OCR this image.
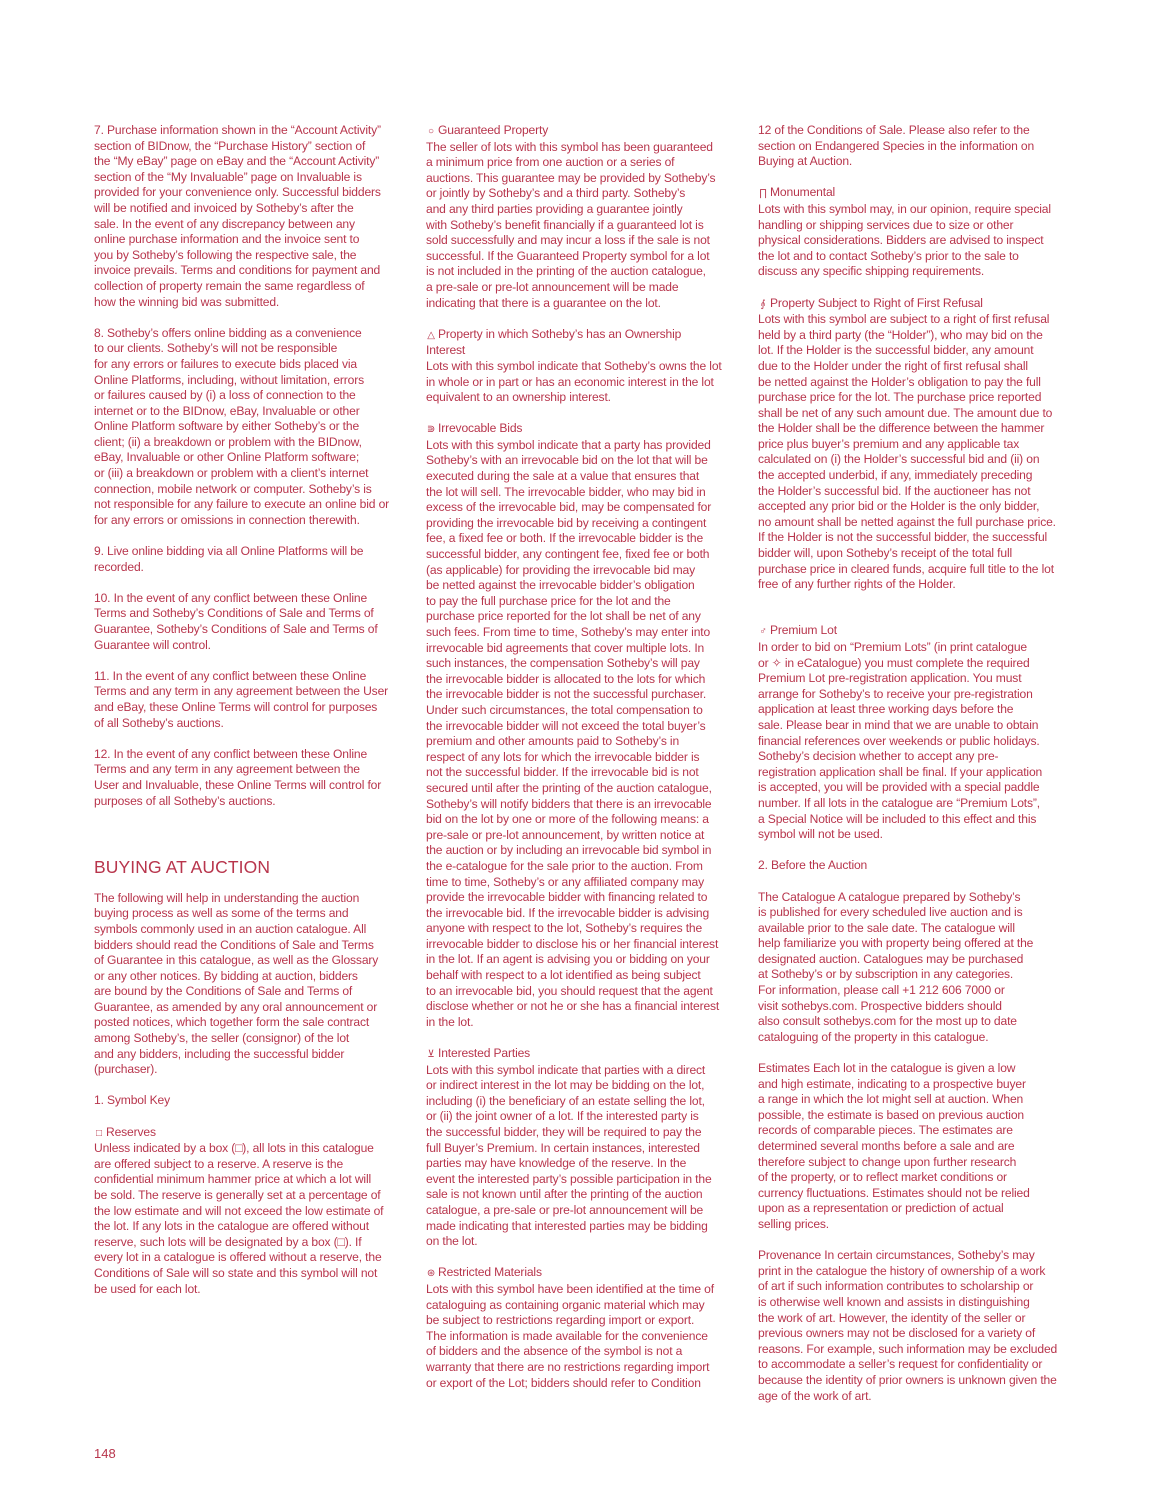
7. Purchase information shown in the “Account Activity”
section of BIDnow, the “Purchase History” section of
the “My eBay” page on eBay and the “Account Activity”
section of the “My Invaluable” page on Invaluable is
provided for your convenience only. Successful bidders
will be notified and invoiced by Sotheby’s after the
sale. In the event of any discrepancy between any
online purchase information and the invoice sent to
you by Sotheby’s following the respective sale, the
invoice prevails. Terms and conditions for payment and
collection of property remain the same regardless of
how the winning bid was submitted.
8. Sotheby’s offers online bidding as a convenience
to our clients. Sotheby’s will not be responsible
for any errors or failures to execute bids placed via
Online Platforms, including, without limitation, errors
or failures caused by (i) a loss of connection to the
internet or to the BIDnow, eBay, Invaluable or other
Online Platform software by either Sotheby’s or the
client; (ii) a breakdown or problem with the BIDnow,
eBay, Invaluable or other Online Platform software;
or (iii) a breakdown or problem with a client’s internet
connection, mobile network or computer. Sotheby’s is
not responsible for any failure to execute an online bid or
for any errors or omissions in connection therewith.
9. Live online bidding via all Online Platforms will be
recorded.
10. In the event of any conflict between these Online
Terms and Sotheby’s Conditions of Sale and Terms of
Guarantee, Sotheby’s Conditions of Sale and Terms of
Guarantee will control.
11. In the event of any conflict between these Online
Terms and any term in any agreement between the User
and eBay, these Online Terms will control for purposes
of all Sotheby’s auctions.
12. In the event of any conflict between these Online
Terms and any term in any agreement between the
User and Invaluable, these Online Terms will control for
purposes of all Sotheby’s auctions.
BUYING AT AUCTION
The following will help in understanding the auction
buying process as well as some of the terms and
symbols commonly used in an auction catalogue. All
bidders should read the Conditions of Sale and Terms
of Guarantee in this catalogue, as well as the Glossary
or any other notices. By bidding at auction, bidders
are bound by the Conditions of Sale and Terms of
Guarantee, as amended by any oral announcement or
posted notices, which together form the sale contract
among Sotheby’s, the seller (consignor) of the lot
and any bidders, including the successful bidder
(purchaser).
1. Symbol Key
□ Reserves
Unless indicated by a box (□), all lots in this catalogue
are offered subject to a reserve. A reserve is the
confidential minimum hammer price at which a lot will
be sold. The reserve is generally set at a percentage of
the low estimate and will not exceed the low estimate of
the lot. If any lots in the catalogue are offered without
reserve, such lots will be designated by a box (□). If
every lot in a catalogue is offered without a reserve, the
Conditions of Sale will so state and this symbol will not
be used for each lot.
○ Guaranteed Property
The seller of lots with this symbol has been guaranteed
a minimum price from one auction or a series of
auctions. This guarantee may be provided by Sotheby’s
or jointly by Sotheby’s and a third party. Sotheby’s
and any third parties providing a guarantee jointly
with Sotheby’s benefit financially if a guaranteed lot is
sold successfully and may incur a loss if the sale is not
successful. If the Guaranteed Property symbol for a lot
is not included in the printing of the auction catalogue,
a pre-sale or pre-lot announcement will be made
indicating that there is a guarantee on the lot.
△ Property in which Sotheby’s has an Ownership
Interest
Lots with this symbol indicate that Sotheby’s owns the lot
in whole or in part or has an economic interest in the lot
equivalent to an ownership interest.
⋑ Irrevocable Bids
Lots with this symbol indicate that a party has provided
Sotheby’s with an irrevocable bid on the lot that will be
executed during the sale at a value that ensures that
the lot will sell. The irrevocable bidder, who may bid in
excess of the irrevocable bid, may be compensated for
providing the irrevocable bid by receiving a contingent
fee, a fixed fee or both. If the irrevocable bidder is the
successful bidder, any contingent fee, fixed fee or both
(as applicable) for providing the irrevocable bid may
be netted against the irrevocable bidder’s obligation
to pay the full purchase price for the lot and the
purchase price reported for the lot shall be net of any
such fees. From time to time, Sotheby’s may enter into
irrevocable bid agreements that cover multiple lots. In
such instances, the compensation Sotheby’s will pay
the irrevocable bidder is allocated to the lots for which
the irrevocable bidder is not the successful purchaser.
Under such circumstances, the total compensation to
the irrevocable bidder will not exceed the total buyer’s
premium and other amounts paid to Sotheby’s in
respect of any lots for which the irrevocable bidder is
not the successful bidder. If the irrevocable bid is not
secured until after the printing of the auction catalogue,
Sotheby’s will notify bidders that there is an irrevocable
bid on the lot by one or more of the following means: a
pre-sale or pre-lot announcement, by written notice at
the auction or by including an irrevocable bid symbol in
the e-catalogue for the sale prior to the auction. From
time to time, Sotheby’s or any affiliated company may
provide the irrevocable bidder with financing related to
the irrevocable bid. If the irrevocable bidder is advising
anyone with respect to the lot, Sotheby’s requires the
irrevocable bidder to disclose his or her financial interest
in the lot. If an agent is advising you or bidding on your
behalf with respect to a lot identified as being subject
to an irrevocable bid, you should request that the agent
disclose whether or not he or she has a financial interest
in the lot.
⊻ Interested Parties
Lots with this symbol indicate that parties with a direct
or indirect interest in the lot may be bidding on the lot,
including (i) the beneficiary of an estate selling the lot,
or (ii) the joint owner of a lot. If the interested party is
the successful bidder, they will be required to pay the
full Buyer’s Premium. In certain instances, interested
parties may have knowledge of the reserve. In the
event the interested party’s possible participation in the
sale is not known until after the printing of the auction
catalogue, a pre-sale or pre-lot announcement will be
made indicating that interested parties may be bidding
on the lot.
⊛ Restricted Materials
Lots with this symbol have been identified at the time of
cataloguing as containing organic material which may
be subject to restrictions regarding import or export.
The information is made available for the convenience
of bidders and the absence of the symbol is not a
warranty that there are no restrictions regarding import
or export of the Lot; bidders should refer to Condition
12 of the Conditions of Sale. Please also refer to the
section on Endangered Species in the information on
Buying at Auction.
∏ Monumental
Lots with this symbol may, in our opinion, require special
handling or shipping services due to size or other
physical considerations. Bidders are advised to inspect
the lot and to contact Sotheby’s prior to the sale to
discuss any specific shipping requirements.
⨙ Property Subject to Right of First Refusal
Lots with this symbol are subject to a right of first refusal
held by a third party (the “Holder”), who may bid on the
lot. If the Holder is the successful bidder, any amount
due to the Holder under the right of first refusal shall
be netted against the Holder’s obligation to pay the full
purchase price for the lot. The purchase price reported
shall be net of any such amount due. The amount due to
the Holder shall be the difference between the hammer
price plus buyer’s premium and any applicable tax
calculated on (i) the Holder’s successful bid and (ii) on
the accepted underbid, if any, immediately preceding
the Holder’s successful bid. If the auctioneer has not
accepted any prior bid or the Holder is the only bidder,
no amount shall be netted against the full purchase price.
If the Holder is not the successful bidder, the successful
bidder will, upon Sotheby’s receipt of the total full
purchase price in cleared funds, acquire full title to the lot
free of any further rights of the Holder.
♂ Premium Lot
In order to bid on “Premium Lots” (in print catalogue
or ✧ in eCatalogue) you must complete the required
Premium Lot pre-registration application. You must
arrange for Sotheby’s to receive your pre-registration
application at least three working days before the
sale. Please bear in mind that we are unable to obtain
financial references over weekends or public holidays.
Sotheby’s decision whether to accept any pre-
registration application shall be final. If your application
is accepted, you will be provided with a special paddle
number. If all lots in the catalogue are “Premium Lots”,
a Special Notice will be included to this effect and this
symbol will not be used.
2. Before the Auction
The Catalogue A catalogue prepared by Sotheby’s
is published for every scheduled live auction and is
available prior to the sale date. The catalogue will
help familiarize you with property being offered at the
designated auction. Catalogues may be purchased
at Sotheby’s or by subscription in any categories.
For information, please call +1 212 606 7000 or
visit sothebys.com. Prospective bidders should
also consult sothebys.com for the most up to date
cataloguing of the property in this catalogue.
Estimates Each lot in the catalogue is given a low
and high estimate, indicating to a prospective buyer
a range in which the lot might sell at auction. When
possible, the estimate is based on previous auction
records of comparable pieces. The estimates are
determined several months before a sale and are
therefore subject to change upon further research
of the property, or to reflect market conditions or
currency fluctuations. Estimates should not be relied
upon as a representation or prediction of actual
selling prices.
Provenance In certain circumstances, Sotheby’s may
print in the catalogue the history of ownership of a work
of art if such information contributes to scholarship or
is otherwise well known and assists in distinguishing
the work of art. However, the identity of the seller or
previous owners may not be disclosed for a variety of
reasons. For example, such information may be excluded
to accommodate a seller’s request for confidentiality or
because the identity of prior owners is unknown given the
age of the work of art.
148
